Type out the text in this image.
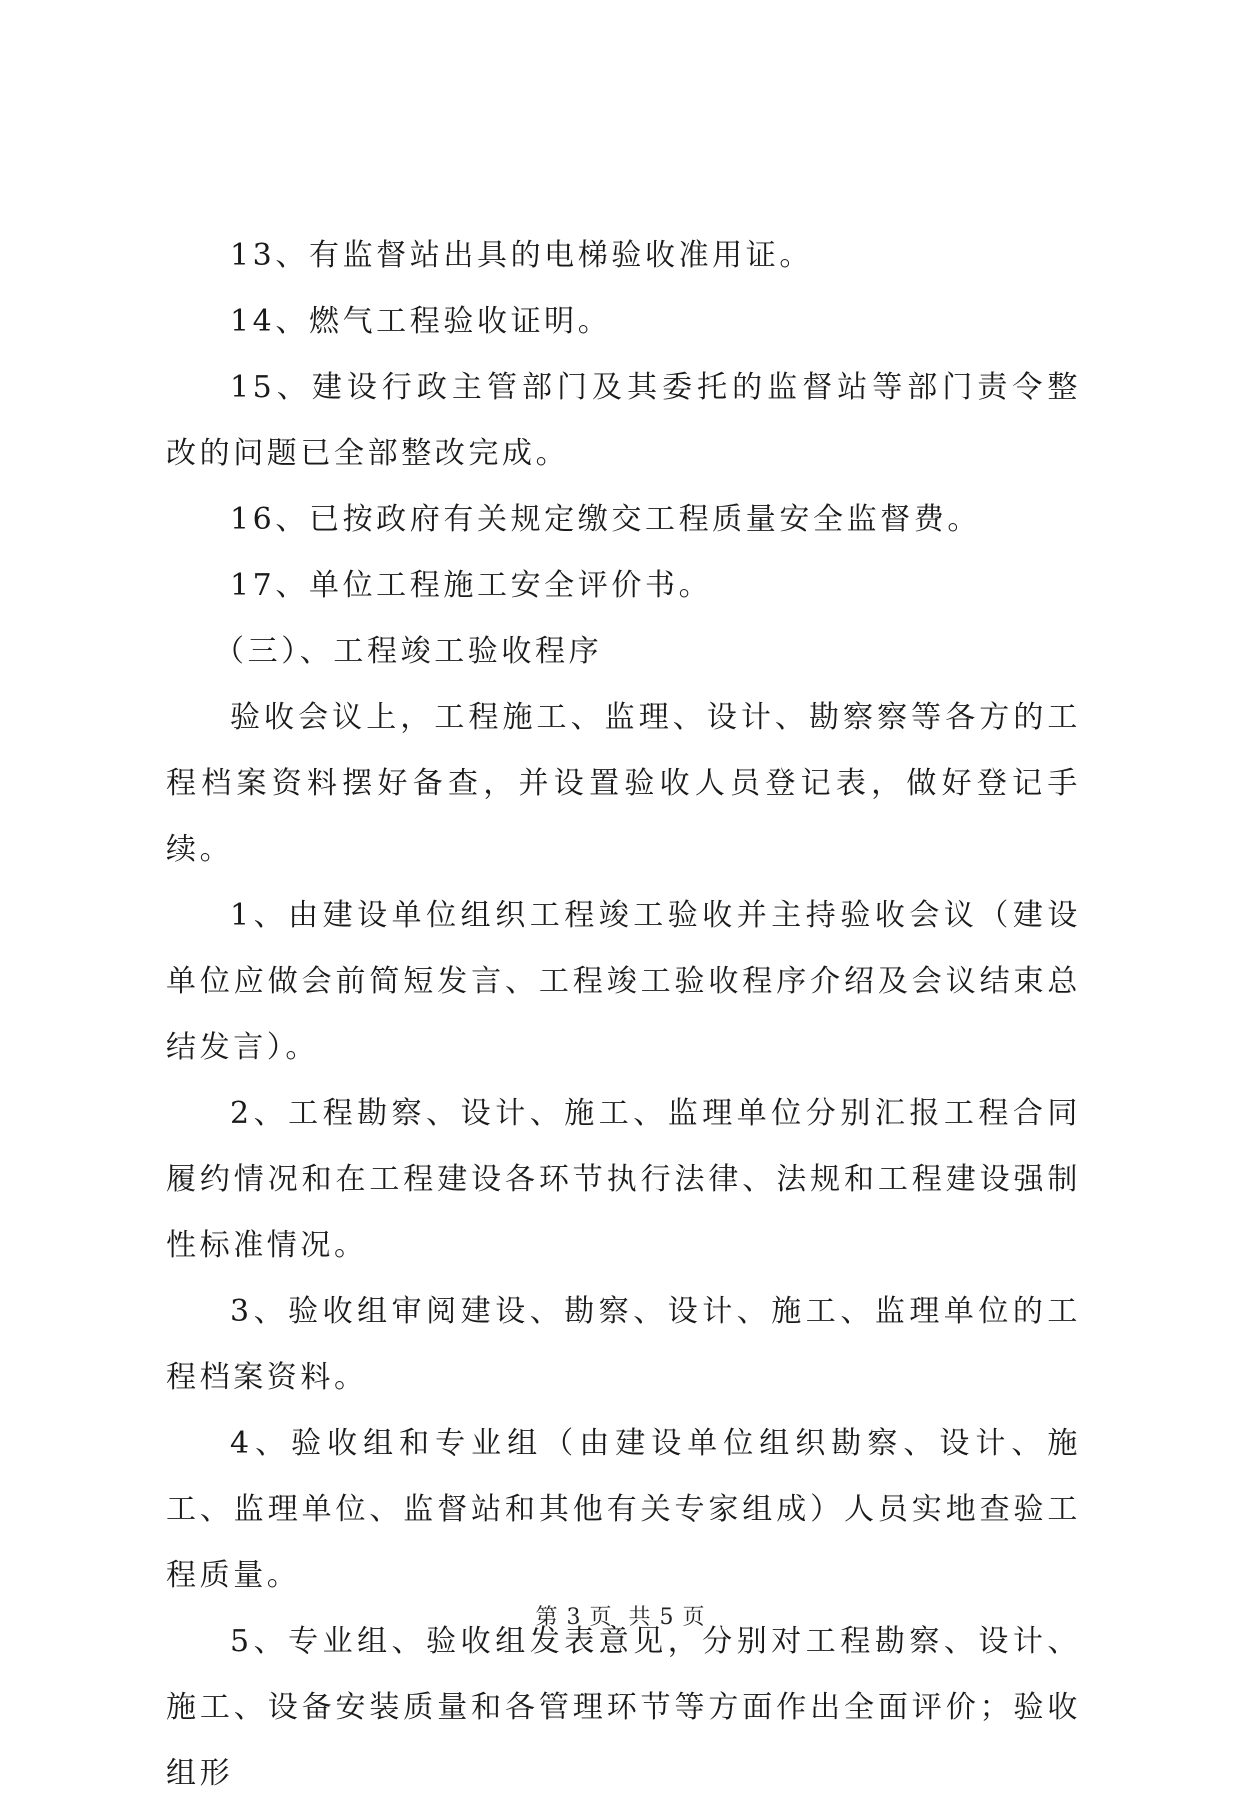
13、有监督站出具的电梯验收准用证。

14、燃气工程验收证明。

15、建设行政主管部门及其委托的监督站等部门责令整改的问题已全部整改完成。

16、已按政府有关规定缴交工程质量安全监督费。

17、单位工程施工安全评价书。

（三）、工程竣工验收程序

验收会议上，工程施工、监理、设计、勘察察等各方的工程档案资料摆好备查，并设置验收人员登记表，做好登记手续。

1、由建设单位组织工程竣工验收并主持验收会议（建设单位应做会前简短发言、工程竣工验收程序介绍及会议结束总结发言）。

2、工程勘察、设计、施工、监理单位分别汇报工程合同履约情况和在工程建设各环节执行法律、法规和工程建设强制性标准情况。

3、验收组审阅建设、勘察、设计、施工、监理单位的工程档案资料。

4、验收组和专业组（由建设单位组织勘察、设计、施工、监理单位、监督站和其他有关专家组成）人员实地查验工程质量。

5、专业组、验收组发表意见，分别对工程勘察、设计、施工、设备安装质量和各管理环节等方面作出全面评价；验收组形

第 3 页 共 5 页
